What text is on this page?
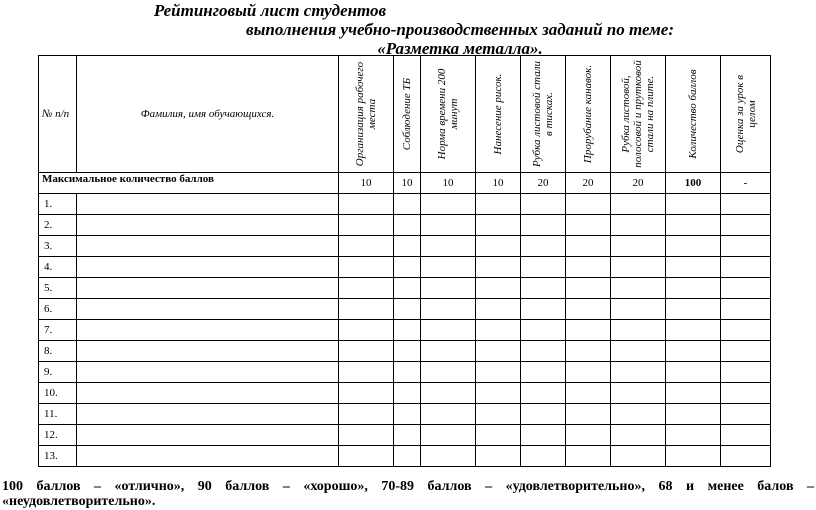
Рейтинговый лист студентов
выполнения учебно-производственных заданий по теме:
«Разметка металла».
№ п/п	Фамилия, имя обучающихся.	Организация рабочего места	Соблюдение ТБ	Норма времени 200 минут	Нанесение рисок.	Рубка листовой стали в тисках.	Прорубание канавок.	Рубка листовой, полосовой и прутковой стали на плите.	Количество баллов	Оценка за урок в целом

Максимальное количество баллов		10	10	10	10	20	20	20	100	-
1.										
2.										
3.										
4.										
5.										
6.										
7.										
8.										
9.										
10.										
11.										
12.										
13.										
100 баллов – «отлично», 90 баллов – «хорошо», 70-89 баллов – «удовлетворительно», 68 и менее балов –
«неудовлетворительно».
